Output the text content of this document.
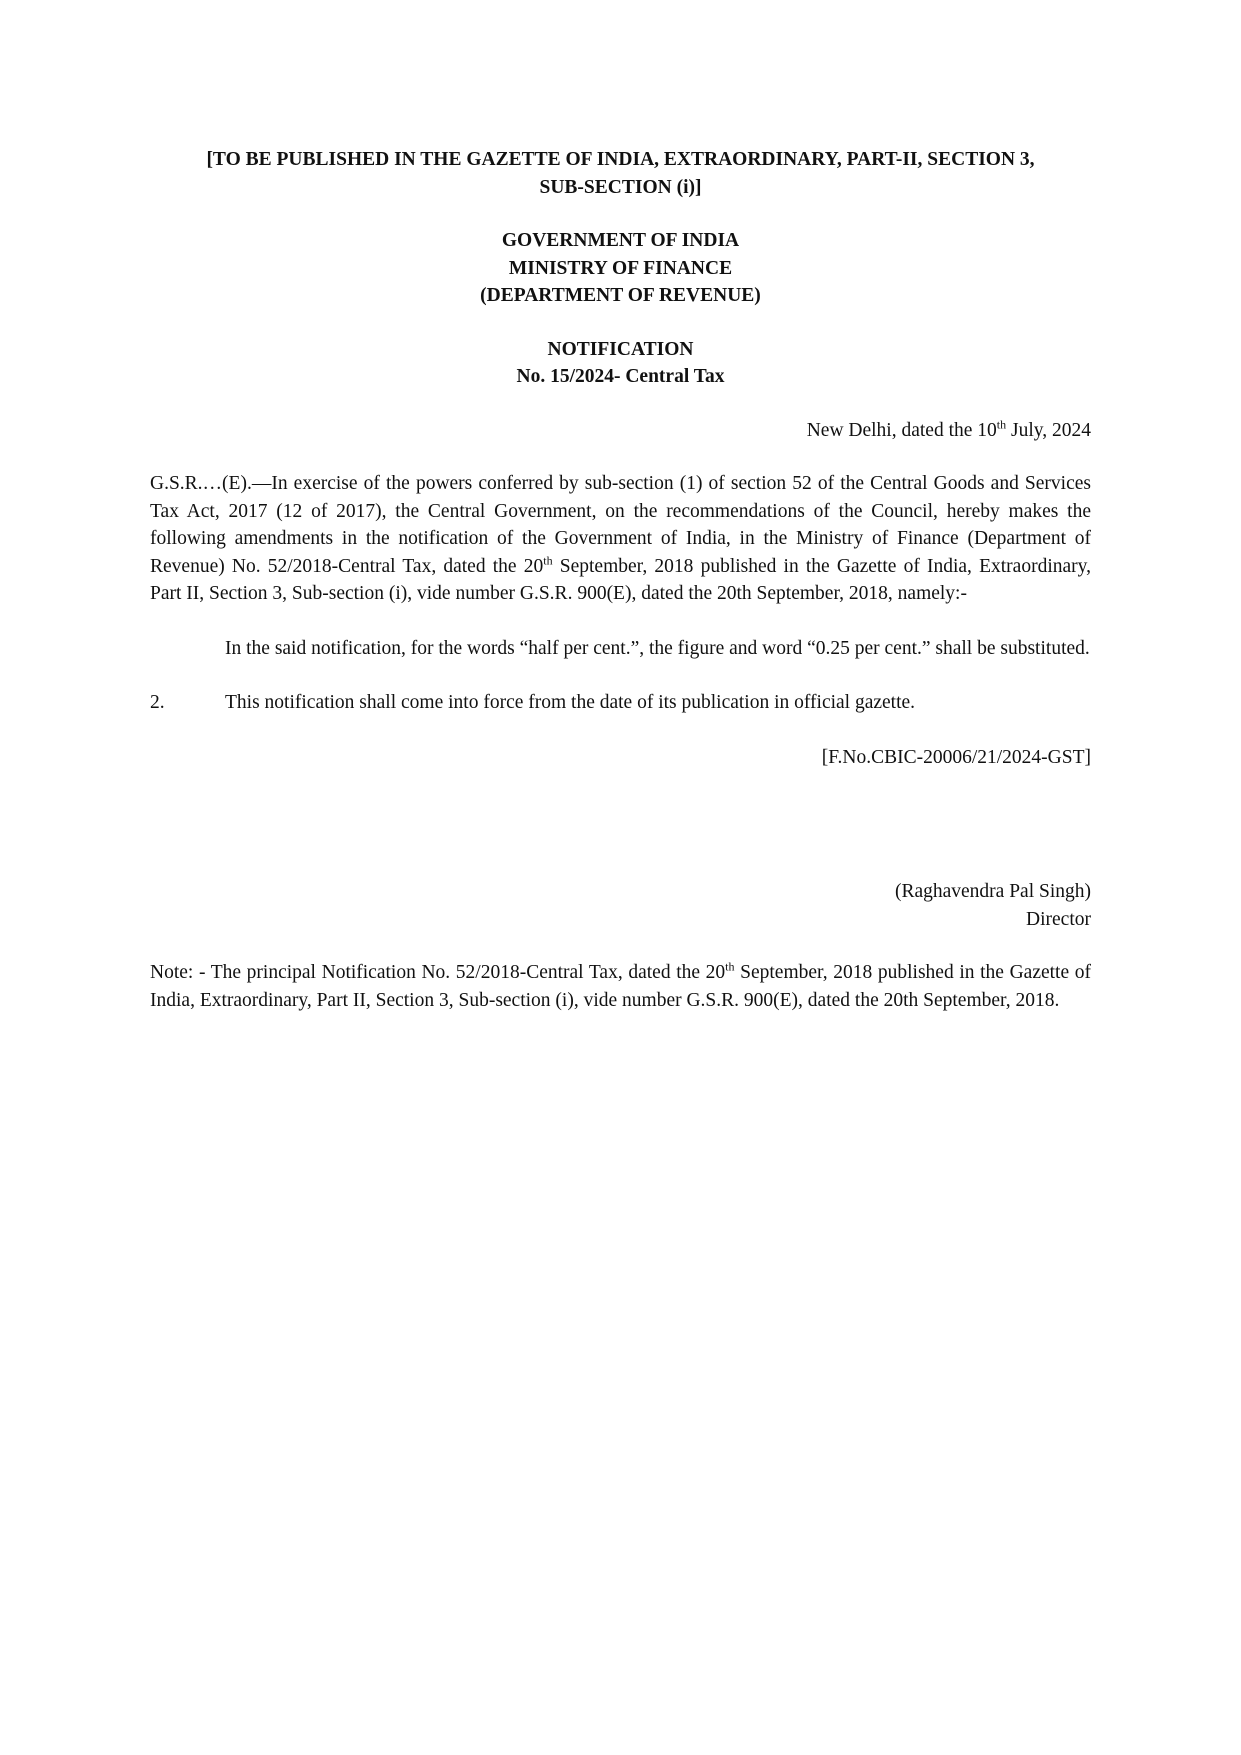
[TO BE PUBLISHED IN THE GAZETTE OF INDIA, EXTRAORDINARY, PART-II, SECTION 3,
SUB-SECTION (i)]
GOVERNMENT OF INDIA
MINISTRY OF FINANCE
(DEPARTMENT OF REVENUE)
NOTIFICATION
No. 15/2024- Central Tax
New Delhi, dated the 10th July, 2024

G.S.R.…(E).—In exercise of the powers conferred by sub-section (1) of section 52 of the Central Goods and Services Tax Act, 2017 (12 of 2017), the Central Government, on the recommendations of the Council, hereby makes the following amendments in the notification of the Government of India, in the Ministry of Finance (Department of Revenue) No. 52/2018-Central Tax, dated the 20th September, 2018 published in the Gazette of India, Extraordinary, Part II, Section 3, Sub-section (i), vide number G.S.R. 900(E), dated the 20th September, 2018, namely:-

In the said notification, for the words “half per cent.”, the figure and word “0.25 per cent.” shall be substituted.

2.	This notification shall come into force from the date of its publication in official gazette.
[F.No.CBIC-20006/21/2024-GST]
(Raghavendra Pal Singh)
Director

Note: - The principal Notification No. 52/2018-Central Tax, dated the 20th September, 2018 published in the Gazette of India, Extraordinary, Part II, Section 3, Sub-section (i), vide number G.S.R. 900(E), dated the 20th September, 2018.
